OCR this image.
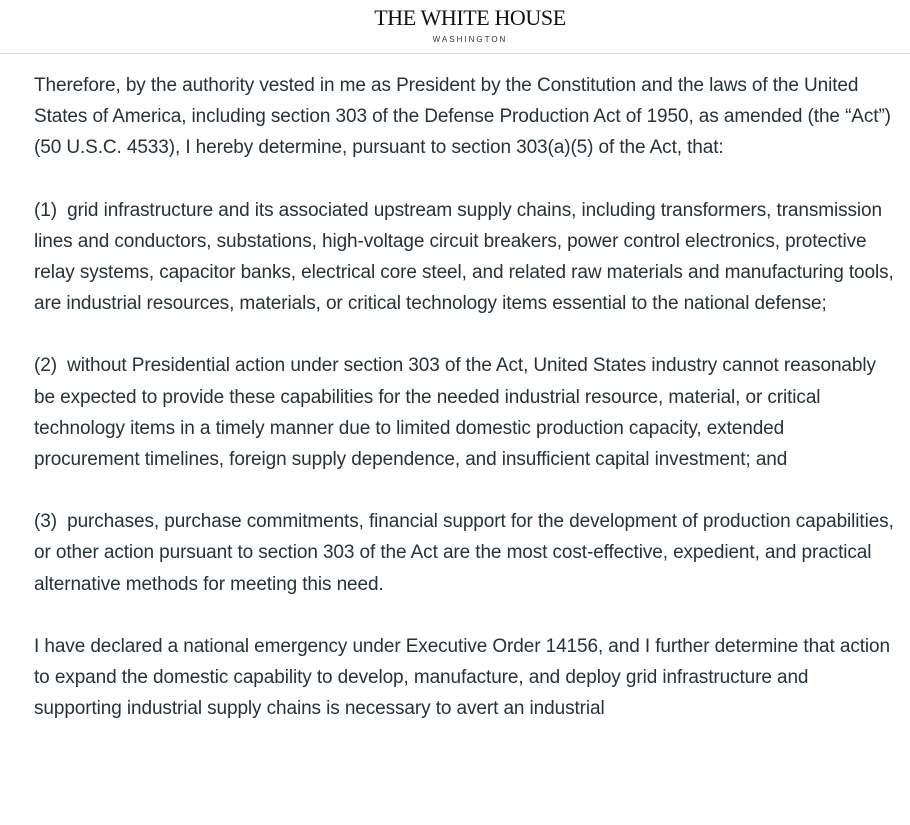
THE WHITE HOUSE
WASHINGTON

Therefore, by the authority vested in me as President by the Constitution and the laws of the United States of America, including section 303 of the Defense Production Act of 1950, as amended (the “Act”) (50 U.S.C. 4533), I hereby determine, pursuant to section 303(a)(5) of the Act, that:

(1) grid infrastructure and its associated upstream supply chains, including transformers, transmission lines and conductors, substations, high-voltage circuit breakers, power control electronics, protective relay systems, capacitor banks, electrical core steel, and related raw materials and manufacturing tools, are industrial resources, materials, or critical technology items essential to the national defense;

(2) without Presidential action under section 303 of the Act, United States industry cannot reasonably be expected to provide these capabilities for the needed industrial resource, material, or critical technology items in a timely manner due to limited domestic production capacity, extended procurement timelines, foreign supply dependence, and insufficient capital investment; and

(3) purchases, purchase commitments, financial support for the development of production capabilities, or other action pursuant to section 303 of the Act are the most cost-effective, expedient, and practical alternative methods for meeting this need.

I have declared a national emergency under Executive Order 14156, and I further determine that action to expand the domestic capability to develop, manufacture, and deploy grid infrastructure and supporting industrial supply chains is necessary to avert an industrial
